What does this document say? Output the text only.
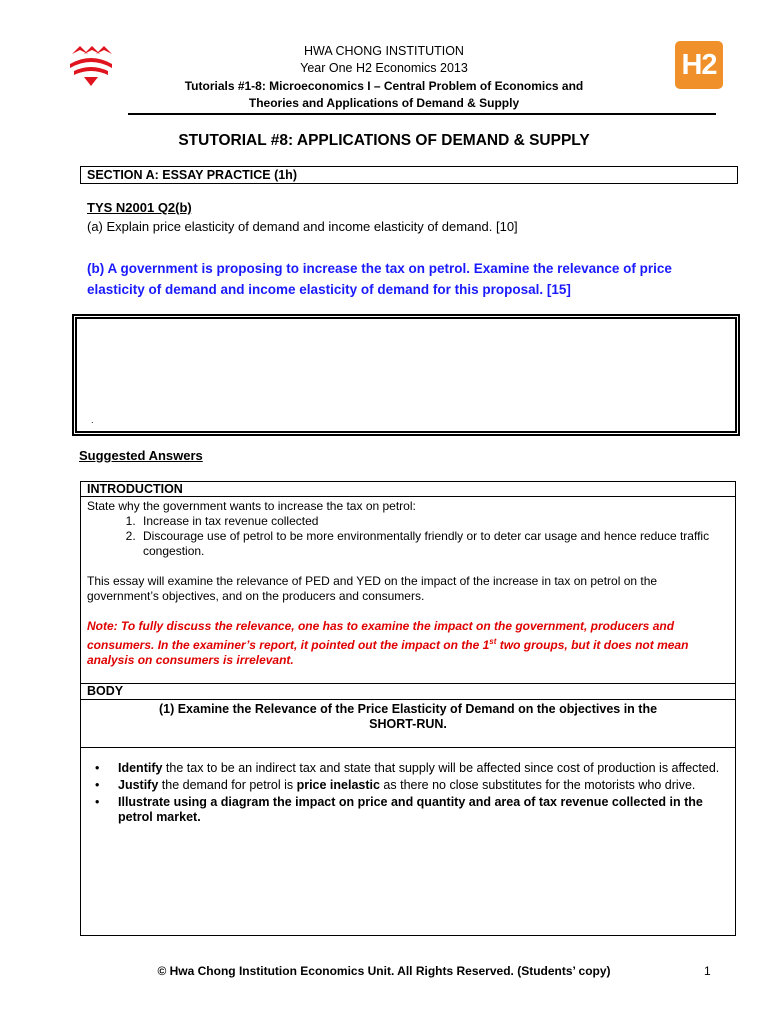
HWA CHONG INSTITUTION
Year One H2 Economics 2013
Tutorials #1-8: Microeconomics I – Central Problem of Economics and
Theories and Applications of Demand & Supply
H2
STUTORIAL #8: APPLICATIONS OF DEMAND & SUPPLY
SECTION A: ESSAY PRACTICE (1h)
TYS N2001 Q2(b)
(a) Explain price elasticity of demand and income elasticity of demand. [10]
(b) A government is proposing to increase the tax on petrol. Examine the relevance of price elasticity of demand and income elasticity of demand for this proposal. [15]
.
Suggested Answers
INTRODUCTION
State why the government wants to increase the tax on petrol:
1. Increase in tax revenue collected
2. Discourage use of petrol to be more environmentally friendly or to deter car usage and hence reduce traffic congestion.
This essay will examine the relevance of PED and YED on the impact of the increase in tax on petrol on the government’s objectives, and on the producers and consumers.
Note: To fully discuss the relevance, one has to examine the impact on the government, producers and consumers. In the examiner’s report, it pointed out the impact on the 1st two groups, but it does not mean analysis on consumers is irrelevant.
BODY
(1) Examine the Relevance of the Price Elasticity of Demand on the objectives in the
SHORT-RUN.
• Identify the tax to be an indirect tax and state that supply will be affected since cost of production is affected.
• Justify the demand for petrol is price inelastic as there no close substitutes for the motorists who drive.
• Illustrate using a diagram the impact on price and quantity and area of tax revenue collected in the petrol market.
© Hwa Chong Institution Economics Unit. All Rights Reserved. (Students’ copy)	1
